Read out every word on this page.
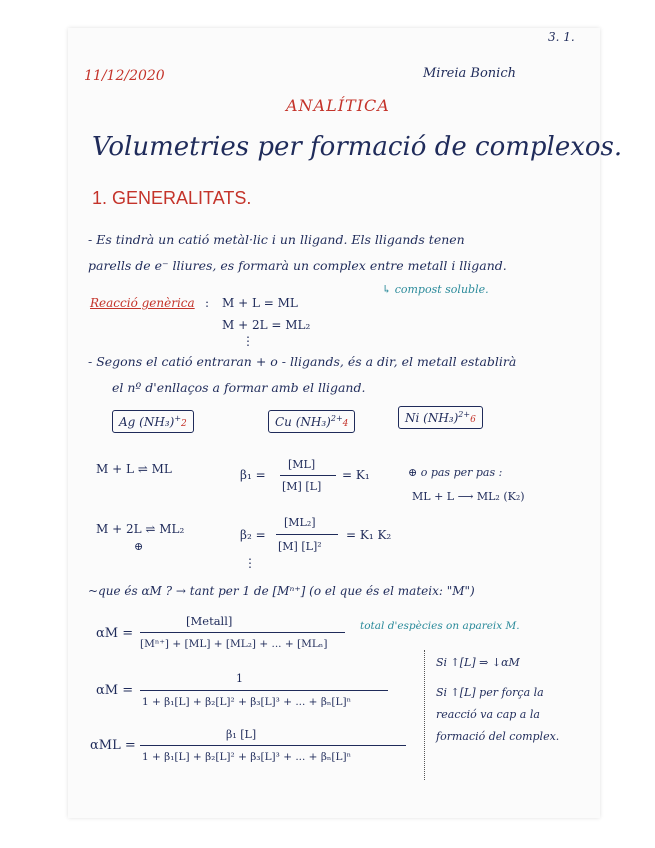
3. 1.
11/12/2020	Mireia Bonich
ANALÍTICA
Volumetries per formació de complexos.
1. GENERALITATS.
- Es tindrà un catió metàl·lic i un lligand. Els lligands tenen
parells de e⁻ lliures, es formarà un complex entre metall i lligand.
↳ compost soluble.
Reacció genèrica : M + L = ML
M + 2L = ML₂
⋮
- Segons el catió entraran + o - lligands, és a dir, el metall establirà
el nº d'enllaços a formar amb el lligand.
Ag (NH₃)+2	Cu $(NH_3)^{2+}4$	Ni $(NH_3)^{2+}6$
M + L ⇌ ML	β₁ =
[ML]
[M] [L]
= K₁	⊕ o pas per pas :
ML + L ⟶ ML₂ (K₂)
M + 2L ⇌ ML₂
⊕
β₂ =
[ML₂]
[M] [L]²
= K₁ K₂
⋮
~que és αM ? → tant per 1 de [Mⁿ⁺] (o el que és el mateix: "M")
αM =
[Metall]
[Mⁿ⁺] + [ML] + [ML₂] + ... + [MLₙ]
total d'espècies on apareix M.
αM =
1
1 + β₁[L] + β₂[L]² + β₃[L]³ + ... + βₙ[L]ⁿ
αML =
β₁ [L]
1 + β₁[L] + β₂[L]² + β₃[L]³ + ... + βₙ[L]ⁿ
Si ↑[L] ⇒ ↓αM
Si ↑[L] per força la
reacció va cap a la
formació del complex.
